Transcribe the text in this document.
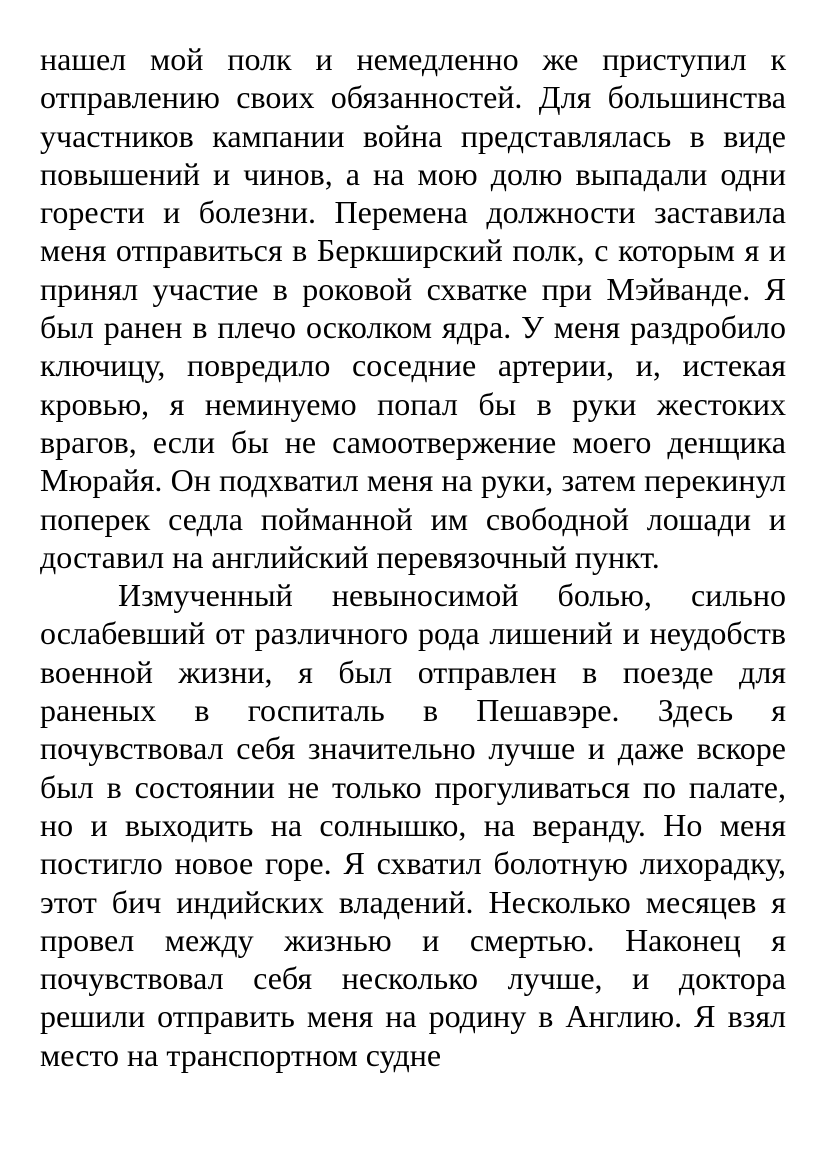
нашел мой полк и немедленно же приступил к отправлению своих обязанностей. Для большинства участников кампании война представлялась в виде повышений и чинов, а на мою долю выпадали одни горести и болезни. Перемена должности заставила меня отправиться в Беркширский полк, с которым я и принял участие в роковой схватке при Мэйванде. Я был ранен в плечо осколком ядра. У меня раздробило ключицу, повредило соседние артерии, и, истекая кровью, я неминуемо попал бы в руки жестоких врагов, если бы не самоотвержение моего денщика Мюрайя. Он подхватил меня на руки, затем перекинул поперек седла пойманной им свободной лошади и доставил на английский перевязочный пункт.

Измученный невыносимой болью, сильно ослабевший от различного рода лишений и неудобств военной жизни, я был отправлен в поезде для раненых в госпиталь в Пешавэре. Здесь я почувствовал себя значительно лучше и даже вскоре был в состоянии не только прогуливаться по палате, но и выходить на солнышко, на веранду. Но меня постигло новое горе. Я схватил болотную лихорадку, этот бич индийских владений. Несколько месяцев я провел между жизнью и смертью. Наконец я почувствовал себя несколько лучше, и доктора решили отправить меня на родину в Англию. Я взял место на транспортном судне
